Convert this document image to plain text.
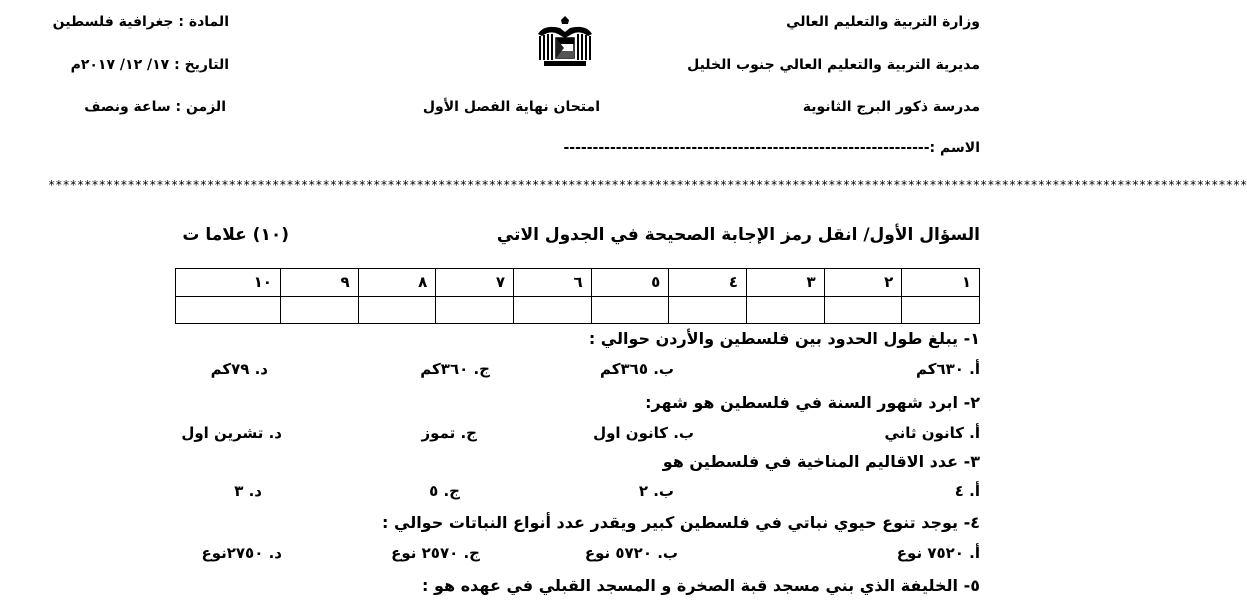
وزارة التربية والتعليم العالي
مديرية التربية والتعليم العالي جنوب الخليل
مدرسة ذكور البرج الثانوية
المادة : جغرافية فلسطين
التاريخ : ١٧/ ١٢/ ٢٠١٧م
الزمن : ساعة ونصف	امتحان نهاية الفصل الأول
الاسم :---------------------------------------------------------------
**********************************************************************************************************************************************************************
السؤال الأول/ انقل رمز الإجابة الصحيحة في الجدول الاتي
(١٠) علاما ت
١	٢	٣	٤	٥	٦	٧	٨	٩	١٠

١- يبلغ طول الحدود بين فلسطين والأردن حوالي :
أ. ٦٣٠كم
ب. ٣٦٥كم
ج. ٣٦٠كم
د. ٧٩كم
٢- ابرد شهور السنة في فلسطين هو شهر:
أ. كانون ثاني
ب. كانون اول
ج. تموز
د. تشرين اول
٣- عدد الاقاليم المناخية في فلسطين هو
أ. ٤
ب. ٢
ج. ٥
د. ٣
٤- يوجد تنوع حيوي نباتي في فلسطين كبير ويقدر عدد أنواع النباتات حوالي :
أ. ٧٥٢٠ نوع
ب. ٥٧٢٠ نوع
ج. ٢٥٧٠ نوع
د. ٢٧٥٠نوع
٥- الخليفة الذي بني مسجد قبة الصخرة و المسجد القبلي في عهده هو :
